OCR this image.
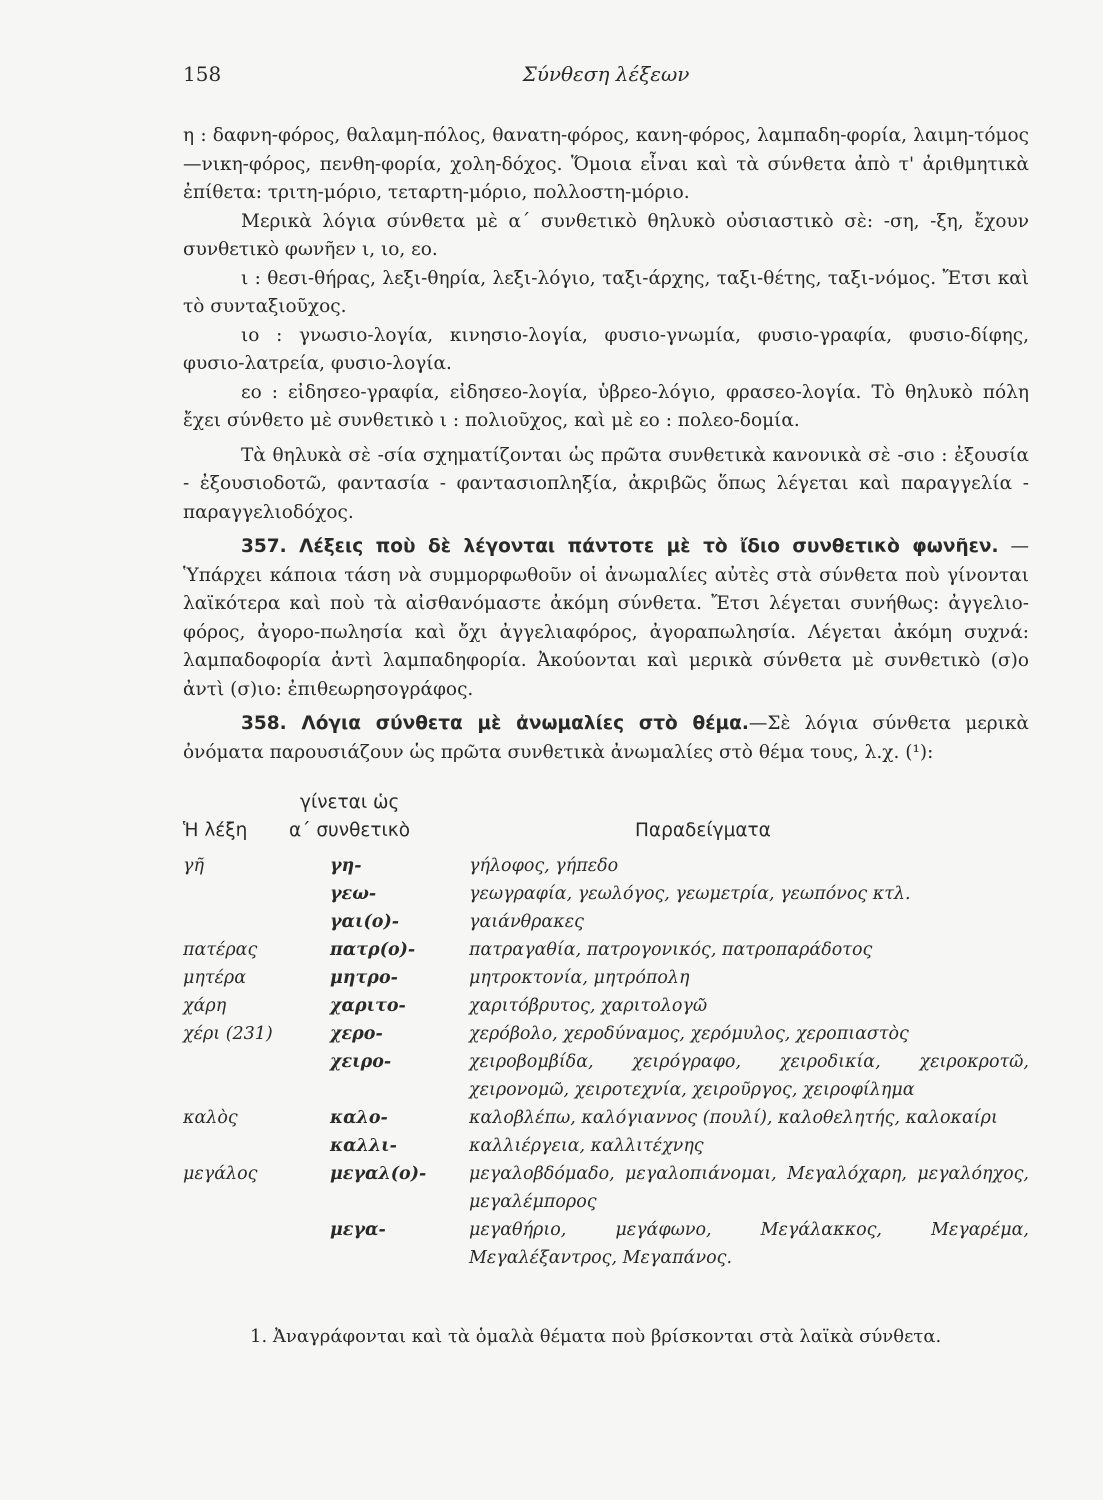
158	Σύνθεση λέξεων

η : δαφνη-φόρος, θαλαμη-πόλος, θανατη-φόρος, κανη-φόρος, λαμπαδη-φορία, λαιμη-τόμος—νικη-φόρος, πενθη-φορία, χολη-δόχος. Ὅμοια εἶναι καὶ τὰ σύνθετα ἀπὸ τ' ἀριθμητικὰ ἐπίθετα: τριτη-μόριο, τεταρτη-μόριο, πολλοστη-μόριο.

Μερικὰ λόγια σύνθετα μὲ α΄ συνθετικὸ θηλυκὸ οὐσιαστικὸ σὲ: -ση, -ξη, ἔχουν συνθετικὸ φωνῆεν ι, ιο, εο.

ι : θεσι-θήρας, λεξι-θηρία, λεξι-λόγιο, ταξι-άρχης, ταξι-θέτης, ταξι-νόμος. Ἔτσι καὶ τὸ συνταξιοῦχος.

ιο : γνωσιο-λογία, κινησιο-λογία, φυσιο-γνωμία, φυσιο-γραφία, φυσιο-δίφης, φυσιο-λατρεία, φυσιο-λογία.

εο : εἰδησεο-γραφία, εἰδησεο-λογία, ὑβρεο-λόγιο, φρασεο-λογία. Τὸ θηλυκὸ πόλη ἔχει σύνθετο μὲ συνθετικὸ ι : πολιοῦχος, καὶ μὲ εο : πολεο-δομία.

Τὰ θηλυκὰ σὲ -σία σχηματίζονται ὡς πρῶτα συνθετικὰ κανονικὰ σὲ -σιο : ἐξουσία - ἐξουσιοδοτῶ, φαντασία - φαντασιοπληξία, ἀκριβῶς ὅπως λέγεται καὶ παραγγελία - παραγγελιοδόχος.

357. Λέξεις ποὺ δὲ λέγονται πάντοτε μὲ τὸ ἴδιο συνθετικὸ φωνῆεν. — Ὑπάρχει κάποια τάση νὰ συμμορφωθοῦν οἱ ἀνωμαλίες αὐτὲς στὰ σύνθετα ποὺ γίνονται λαϊκότερα καὶ ποὺ τὰ αἰσθανόμαστε ἀκόμη σύνθετα. Ἔτσι λέγεται συνήθως: ἀγγελιο-φόρος, ἀγορο-πωλησία καὶ ὄχι ἀγγελιαφόρος, ἀγοραπωλησία. Λέγεται ἀκόμη συχνά: λαμπαδοφορία ἀντὶ λαμπαδηφορία. Ἀκούονται καὶ μερικὰ σύνθετα μὲ συνθετικὸ (σ)ο ἀντὶ (σ)ιο: ἐπιθεωρησογράφος.

358. Λόγια σύνθετα μὲ ἀνωμαλίες στὸ θέμα.—Σὲ λόγια σύνθετα μερικὰ ὀνόματα παρουσιάζουν ὡς πρῶτα συνθετικὰ ἀνωμαλίες στὸ θέμα τους, λ.χ. (¹):

Ἡ λέξη
γίνεται ὡς
α΄ συνθετικὸ	Παραδείγματα
γῆ	γη-	γήλοφος, γήπεδο
γεω-	γεωγραφία, γεωλόγος, γεωμετρία, γεωπόνος κτλ.
γαι(ο)-	γαιάνθρακες
πατέρας	πατρ(ο)-	πατραγαθία, πατρογονικός, πατροπαράδοτος
μητέρα	μητρο-	μητροκτονία, μητρόπολη
χάρη	χαριτο-	χαριτόβρυτος, χαριτολογῶ
χέρι (231)	χερο-	χερόβολο, χεροδύναμος, χερόμυλος, χεροπιαστὸς
χειρο-	χειροβομβίδα, χειρόγραφο, χειροδικία, χειροκροτῶ, χειρονομῶ, χειροτεχνία, χειροῦργος, χειροφίλημα
καλὸς	καλο-	καλοβλέπω, καλόγιαννος (πουλί), καλοθελητής, καλοκαίρι
καλλι-	καλλιέργεια, καλλιτέχνης
μεγάλος	μεγαλ(ο)- μεγαλοβδόμαδο, μεγαλοπιάνομαι, Μεγαλόχαρη, μεγαλόηχος, μεγαλέμπορος
μεγα-	μεγαθήριο, μεγάφωνο, Μεγάλακκος, Μεγαρέμα, Μεγαλέξαντρος, Μεγαπάνος.
1. Ἀναγράφονται καὶ τὰ ὁμαλὰ θέματα ποὺ βρίσκονται στὰ λαϊκὰ σύνθετα.
